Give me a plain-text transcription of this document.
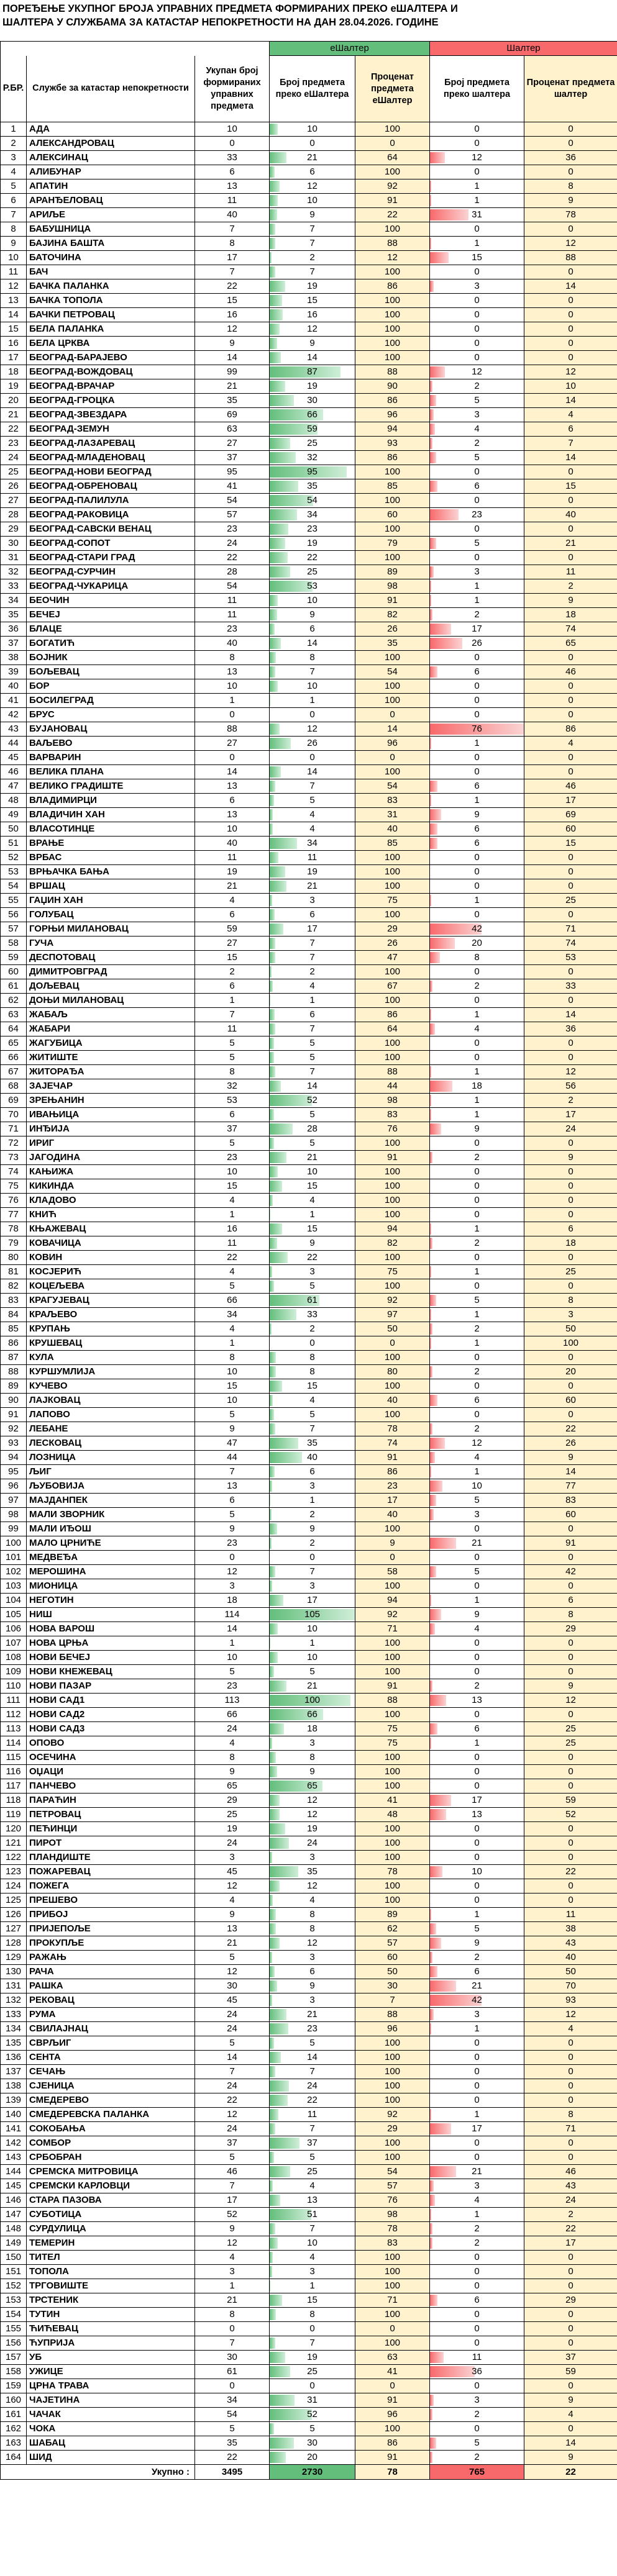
ПОРЕЂЕЊЕ УКУПНОГ БРОЈА УПРАВНИХ ПРЕДМЕТА ФОРМИРАНИХ ПРЕКО еШАЛТЕРА И
ШАЛТЕРА У СЛУЖБАМА ЗА КАТАСТАР НЕПОКРЕТНОСТИ НА ДАН 28.04.2026. ГОДИНЕ
			еШалтер		Шалтер	
Р.БР.	Службе за катастар непокретности	Укупан број формираних управних предмета	Број предмета преко еШалтера	Проценат предмета еШалтер	Број предмета преко шалтера	Проценат предмета шалтер
1	АДА	10	10	100	0	0
2	АЛЕКСАНДРОВАЦ	0	0	0	0	0
3	АЛЕКСИНАЦ	33	21	64	12	36
4	АЛИБУНАР	6	6	100	0	0
5	АПАТИН	13	12	92	1	8
6	АРАНЂЕЛОВАЦ	11	10	91	1	9
7	АРИЉЕ	40	9	22	31	78
8	БАБУШНИЦА	7	7	100	0	0
9	БАЈИНА БАШТА	8	7	88	1	12
10	БАТОЧИНА	17	2	12	15	88
11	БАЧ	7	7	100	0	0
12	БАЧКА ПАЛАНКА	22	19	86	3	14
13	БАЧКА ТОПОЛА	15	15	100	0	0
14	БАЧКИ ПЕТРОВАЦ	16	16	100	0	0
15	БЕЛА ПАЛАНКА	12	12	100	0	0
16	БЕЛА ЦРКВА	9	9	100	0	0
17	БЕОГРАД-БАРАЈЕВО	14	14	100	0	0
18	БЕОГРАД-ВОЖДОВАЦ	99	87	88	12	12
19	БЕОГРАД-ВРАЧАР	21	19	90	2	10
20	БЕОГРАД-ГРОЦКА	35	30	86	5	14
21	БЕОГРАД-ЗВЕЗДАРА	69	66	96	3	4
22	БЕОГРАД-ЗЕМУН	63	59	94	4	6
23	БЕОГРАД-ЛАЗАРЕВАЦ	27	25	93	2	7
24	БЕОГРАД-МЛАДЕНОВАЦ	37	32	86	5	14
25	БЕОГРАД-НОВИ БЕОГРАД	95	95	100	0	0
26	БЕОГРАД-ОБРЕНОВАЦ	41	35	85	6	15
27	БЕОГРАД-ПАЛИЛУЛА	54	54	100	0	0
28	БЕОГРАД-РАКОВИЦА	57	34	60	23	40
29	БЕОГРАД-САВСКИ ВЕНАЦ	23	23	100	0	0
30	БЕОГРАД-СОПОТ	24	19	79	5	21
31	БЕОГРАД-СТАРИ ГРАД	22	22	100	0	0
32	БЕОГРАД-СУРЧИН	28	25	89	3	11
33	БЕОГРАД-ЧУКАРИЦА	54	53	98	1	2
34	БЕОЧИН	11	10	91	1	9
35	БЕЧЕЈ	11	9	82	2	18
36	БЛАЦЕ	23	6	26	17	74
37	БОГАТИЋ	40	14	35	26	65
38	БОЈНИК	8	8	100	0	0
39	БОЉЕВАЦ	13	7	54	6	46
40	БОР	10	10	100	0	0
41	БОСИЛЕГРАД	1	1	100	0	0
42	БРУС	0	0	0	0	0
43	БУЈАНОВАЦ	88	12	14	76	86
44	ВАЉЕВО	27	26	96	1	4
45	ВАРВАРИН	0	0	0	0	0
46	ВЕЛИКА ПЛАНА	14	14	100	0	0
47	ВЕЛИКО ГРАДИШТЕ	13	7	54	6	46
48	ВЛАДИМИРЦИ	6	5	83	1	17
49	ВЛАДИЧИН ХАН	13	4	31	9	69
50	ВЛАСОТИНЦЕ	10	4	40	6	60
51	ВРАЊЕ	40	34	85	6	15
52	ВРБАС	11	11	100	0	0
53	ВРЊАЧКА БАЊА	19	19	100	0	0
54	ВРШАЦ	21	21	100	0	0
55	ГАЏИН ХАН	4	3	75	1	25
56	ГОЛУБАЦ	6	6	100	0	0
57	ГОРЊИ МИЛАНОВАЦ	59	17	29	42	71
58	ГУЧА	27	7	26	20	74
59	ДЕСПОТОВАЦ	15	7	47	8	53
60	ДИМИТРОВГРАД	2	2	100	0	0
61	ДОЉЕВАЦ	6	4	67	2	33
62	ДОЊИ МИЛАНОВАЦ	1	1	100	0	0
63	ЖАБАЉ	7	6	86	1	14
64	ЖАБАРИ	11	7	64	4	36
65	ЖАГУБИЦА	5	5	100	0	0
66	ЖИТИШТЕ	5	5	100	0	0
67	ЖИТОРАЂА	8	7	88	1	12
68	ЗАЈЕЧАР	32	14	44	18	56
69	ЗРЕЊАНИН	53	52	98	1	2
70	ИВАЊИЦА	6	5	83	1	17
71	ИНЂИЈА	37	28	76	9	24
72	ИРИГ	5	5	100	0	0
73	ЈАГОДИНА	23	21	91	2	9
74	КАЊИЖА	10	10	100	0	0
75	КИКИНДА	15	15	100	0	0
76	КЛАДОВО	4	4	100	0	0
77	КНИЋ	1	1	100	0	0
78	КЊАЖЕВАЦ	16	15	94	1	6
79	КОВАЧИЦА	11	9	82	2	18
80	КОВИН	22	22	100	0	0
81	КОСЈЕРИЋ	4	3	75	1	25
82	КОЦЕЉЕВА	5	5	100	0	0
83	КРАГУЈЕВАЦ	66	61	92	5	8
84	КРАЉЕВО	34	33	97	1	3
85	КРУПАЊ	4	2	50	2	50
86	КРУШЕВАЦ	1	0	0	1	100
87	КУЛА	8	8	100	0	0
88	КУРШУМЛИЈА	10	8	80	2	20
89	КУЧЕВО	15	15	100	0	0
90	ЛАЈКОВАЦ	10	4	40	6	60
91	ЛАПОВО	5	5	100	0	0
92	ЛЕБАНЕ	9	7	78	2	22
93	ЛЕСКОВАЦ	47	35	74	12	26
94	ЛОЗНИЦА	44	40	91	4	9
95	ЉИГ	7	6	86	1	14
96	ЉУБОВИЈА	13	3	23	10	77
97	МАЈДАНПЕК	6	1	17	5	83
98	МАЛИ ЗВОРНИК	5	2	40	3	60
99	МАЛИ ИЂОШ	9	9	100	0	0
100	МАЛО ЦРНИЋЕ	23	2	9	21	91
101	МЕДВЕЂА	0	0	0	0	0
102	МЕРОШИНА	12	7	58	5	42
103	МИОНИЦА	3	3	100	0	0
104	НЕГОТИН	18	17	94	1	6
105	НИШ	114	105	92	9	8
106	НОВА ВАРОШ	14	10	71	4	29
107	НОВА ЦРЊА	1	1	100	0	0
108	НОВИ БЕЧЕЈ	10	10	100	0	0
109	НОВИ КНЕЖЕВАЦ	5	5	100	0	0
110	НОВИ ПАЗАР	23	21	91	2	9
111	НОВИ САД1	113	100	88	13	12
112	НОВИ САД2	66	66	100	0	0
113	НОВИ САД3	24	18	75	6	25
114	ОПОВО	4	3	75	1	25
115	ОСЕЧИНА	8	8	100	0	0
116	ОЏАЦИ	9	9	100	0	0
117	ПАНЧЕВО	65	65	100	0	0
118	ПАРАЋИН	29	12	41	17	59
119	ПЕТРОВАЦ	25	12	48	13	52
120	ПЕЋИНЦИ	19	19	100	0	0
121	ПИРОТ	24	24	100	0	0
122	ПЛАНДИШТЕ	3	3	100	0	0
123	ПОЖАРЕВАЦ	45	35	78	10	22
124	ПОЖЕГА	12	12	100	0	0
125	ПРЕШЕВО	4	4	100	0	0
126	ПРИБОЈ	9	8	89	1	11
127	ПРИЈЕПОЉЕ	13	8	62	5	38
128	ПРОКУПЉЕ	21	12	57	9	43
129	РАЖАЊ	5	3	60	2	40
130	РАЧА	12	6	50	6	50
131	РАШКА	30	9	30	21	70
132	РЕКОВАЦ	45	3	7	42	93
133	РУМА	24	21	88	3	12
134	СВИЛАЈНАЦ	24	23	96	1	4
135	СВРЉИГ	5	5	100	0	0
136	СЕНТА	14	14	100	0	0
137	СЕЧАЊ	7	7	100	0	0
138	СЈЕНИЦА	24	24	100	0	0
139	СМЕДЕРЕВО	22	22	100	0	0
140	СМЕДЕРЕВСКА ПАЛАНКА	12	11	92	1	8
141	СОКОБАЊА	24	7	29	17	71
142	СОМБОР	37	37	100	0	0
143	СРБОБРАН	5	5	100	0	0
144	СРЕМСКА МИТРОВИЦА	46	25	54	21	46
145	СРЕМСКИ КАРЛОВЦИ	7	4	57	3	43
146	СТАРА ПАЗОВА	17	13	76	4	24
147	СУБОТИЦА	52	51	98	1	2
148	СУРДУЛИЦА	9	7	78	2	22
149	ТЕМЕРИН	12	10	83	2	17
150	ТИТЕЛ	4	4	100	0	0
151	ТОПОЛА	3	3	100	0	0
152	ТРГОВИШТЕ	1	1	100	0	0
153	ТРСТЕНИК	21	15	71	6	29
154	ТУТИН	8	8	100	0	0
155	ЋИЋЕВАЦ	0	0	0	0	0
156	ЋУПРИЈА	7	7	100	0	0
157	УБ	30	19	63	11	37
158	УЖИЦЕ	61	25	41	36	59
159	ЦРНА ТРАВА	0	0	0	0	0
160	ЧАЈЕТИНА	34	31	91	3	9
161	ЧАЧАК	54	52	96	2	4
162	ЧОКА	5	5	100	0	0
163	ШАБАЦ	35	30	86	5	14
164	ШИД	22	20	91	2	9
Укупно :		3495	2730	78	765	22
